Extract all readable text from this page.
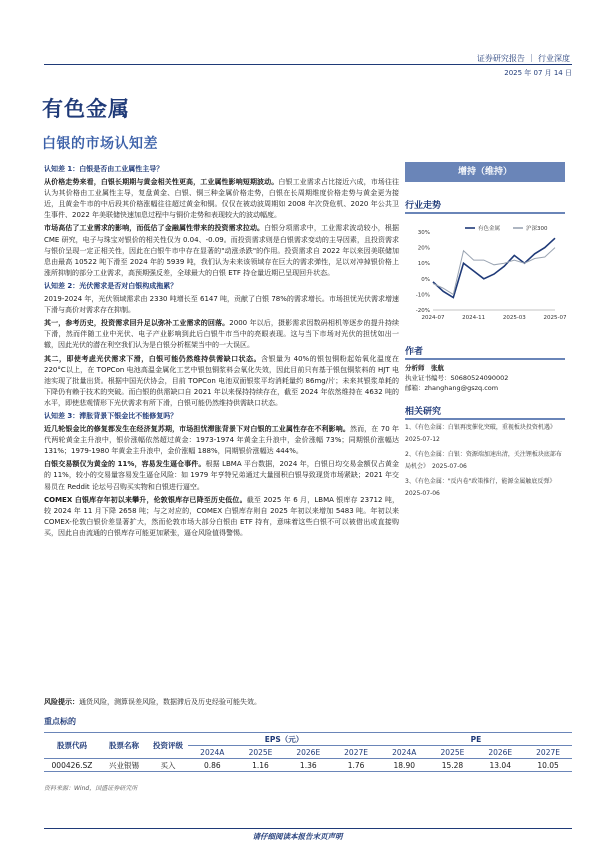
证券研究报告 ｜ 行业深度
2025 年 07 月 14 日
有色金属
白银的市场认知差

认知差 1：白银是否由工业属性主导？

从价格走势来看，白银长期期与黄金相关性更高，工业属性影响短期波动。白银工业需求占比接近六成，市场往往认为其价格由工业属性主导，复盘黄金、白银、铜三种金属价格走势，白银在长周期维度价格走势与黄金更为接近，且黄金牛市的中后段其价格涨幅往往超过黄金和铜。仅仅在被动波周期如 2008 年次贷危机、2020 年公共卫生事件、2022 年美联储快速加息过程中与铜价走势和表现较大的波动幅度。

市场高估了工业需求的影响，而低估了金融属性带来的投资需求拉动。白银分项需求中，工业需求波动较小，根据 CME 研究，电子与珠宝对银价的相关性仅为 0.04、-0.09。而投资需求则是白银需求变动的主导因素，且投资需求与银价呈现一定正相关性，因此在白银牛市中存在显著的"动涨杀跌"的作用。投资需求自 2022 年以来因美联储加息由最高 10522 吨下滑至 2024 年的 5939 吨，我们认为未来该领域存在巨大的需求弹性，足以对冲掉银价格上涨所抑制的部分工业需求，高预期强反差，全球最大的白银 ETF 持仓量近期已呈现回升状态。

认知差 2：光伏需求是否对白银构成拖累？

2019-2024 年，光伏领域需求由 2330 吨增长至 6147 吨，贡献了白银 78%的需求增长。市场担忧光伏需求增速下滑与高价对需求存在抑制。

其一，参考历史，投资需求回升足以弥补工业需求的回落。2000 年以后，摄影需求因数码相机等逐步的提升持续下滑，然而伴随工业中光伏、电子产业影响到此后白银牛市当中的亮眼表现。这与当下市场对光伏的担忧如出一辙，因此光伏的潜在利空我们认为是白银分析框架当中的一大误区。

其二，即使考虑光伏需求下滑，白银可能仍然维持供需缺口状态。含银量为 40%的银包铜粉起始氧化温度在 220°C以上，在 TOPCon 电池高温金属化工艺中银包铜浆料会氧化失效，因此目前只有基于银包铜浆料的 HJT 电池实现了批量出货。根据中国光伏协会，目前 TOPCon 电池双面银浆平均消耗量约 86mg/片；未来其银浆单耗的下降仍有赖于技术的突破。而白银的供需缺口自 2021 年以来保持持续存在，截至 2024 年依然维持在 4632 吨的水平，即使悲观情形下光伏需求有所下滑，白银可能仍然维持供需缺口状态。

认知差 3：滞胀背景下银金比不能修复吗？

近几轮银金比的修复都发生在经济复苏期，市场担忧滞胀背景下对白银的工业属性存在不利影响。然而，在 70 年代两轮黄金主升浪中，银价涨幅依然超过黄金：1973-1974 年黄金主升浪中，金价涨幅 73%；同期银价涨幅达 131%；1979-1980 年黄金主升浪中，金价涨幅 188%，同期银价涨幅达 444%。

白银交易额仅为黄金的 11%，容易发生逼仓事件。根据 LBMA 平台数据，2024 年，白银日均交易金额仅占黄金的 11%，较小的交易量容易发生逼仓风险：如 1979 年亨特兄弟通过大量囤积白银导致现货市场紧缺；2021 年交易员在 Reddit 论坛号召购买实物和白银进行逼空。

COMEX 白银库存年初以来攀升，伦敦银库存已降至历史低位。截至 2025 年 6 月，LBMA 银库存 23712 吨，较 2024 年 11 月下降 2658 吨；与之对应的，COMEX 白银库存则自 2025 年初以来增加 5483 吨。年初以来 COMEX-伦敦白银价差显著扩大，然而伦敦市场大部分白银由 ETF 持有，意味着这些白银不可以被借出或直接购买，因此自由流通的白银库存可能更加紧张，逼仓风险值得警惕。

增持（维持）
行业走势
30%
20%
10%
0%
-10%
-20%
2024-07	2024-11	2025-03	2025-07
有色金属	沪深300
作者
分析师　 张航
执业证书编号：S0680524090002
邮箱：zhanghang@gszq.com
相关研究
1、《有色金属：白银再度催化突破，重视板块投资机遇》　2025-07-12
2、《有色金属：白银：资源端加速出清，关注锂板块底部布局机会》　2025-07-06
3、《有色金属："反内卷"政策推行，能源金属触底反弹》　2025-07-06
风险提示：通货风险，测算误差风险，数据滞后及历史经验可能失效。
重点标的
股票代码	股票名称	投资评级	EPS（元）				PE			
			2024A	2025E	2026E	2027E	2024A	2025E	2026E	2027E
000426.SZ	兴业银锡	买入	0.86	1.16	1.36	1.76	18.90	15.28	13.04	10.05
资料来源：Wind，国盛证券研究所
请仔细阅读本报告末页声明
